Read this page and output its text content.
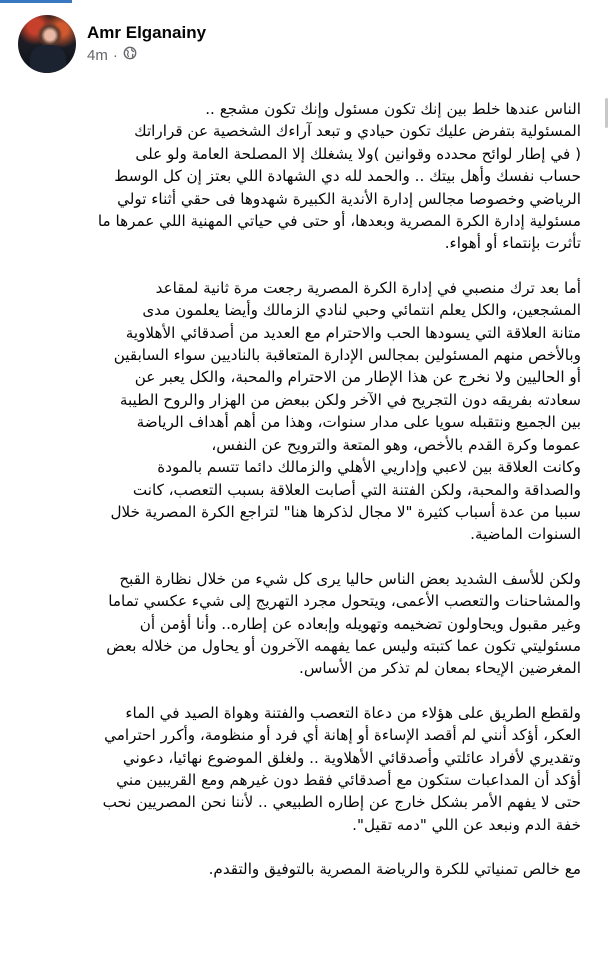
Amr Elganainy
4m ·
الناس عندها خلط بين إنك تكون مسئول وإنك تكون مشجع ..
المسئولية بتفرض عليك تكون حيادي و تبعد آراءك الشخصية عن قراراتك
( في إطار لوائح محدده وقوانين )ولا يشغلك إلا المصلحة العامة ولو على
حساب نفسك وأهل بيتك .. والحمد لله دي الشهادة اللي بعتز إن كل الوسط
الرياضي وخصوصا مجالس إدارة الأندية الكبيرة شهدوها فى حقي أثناء تولي
مسئولية إدارة الكرة المصرية وبعدها، أو حتى في حياتي المهنية اللي عمرها ما
تأثرت بإنتماء أو أهواء.
أما بعد ترك منصبي في إدارة الكرة المصرية رجعت مرة ثانية لمقاعد
المشجعين، والكل يعلم انتمائي وحبي لنادي الزمالك وأيضا يعلمون مدى
متانة العلاقة التي يسودها الحب والاحترام مع العديد من أصدقائي الأهلاوية
وبالأخص منهم المسئولين بمجالس الإدارة المتعاقبة بالناديين سواء السابقين
أو الحاليين ولا نخرج عن هذا الإطار من الاحترام والمحبة، والكل يعبر عن
سعادته بفريقه دون التجريح في الآخر ولكن ببعض من الهزار والروح الطيبة
بين الجميع ونتقبله سويا على مدار سنوات، وهذا من أهم أهداف الرياضة
عموما وكرة القدم بالأخص، وهو المتعة والترويح عن النفس،
وكانت العلاقة بين لاعبي وإداريي الأهلي والزمالك دائما تتسم بالمودة
والصداقة والمحبة، ولكن الفتنة التي أصابت العلاقة بسبب التعصب، كانت
سببا من عدة أسباب كثيرة "لا مجال لذكرها هنا" لتراجع الكرة المصرية خلال
السنوات الماضية.
ولكن للأسف الشديد بعض الناس حاليا يرى كل شيء من خلال نظارة القبح
والمشاحنات والتعصب الأعمى، ويتحول مجرد التهريج إلى شيء عكسي تماما
وغير مقبول ويحاولون تضخيمه وتهويله وإبعاده عن إطاره.. وأنا أؤمن أن
مسئوليتي تكون عما كتبته وليس عما يفهمه الآخرون أو يحاول من خلاله بعض
المغرضين الإيحاء بمعان لم تذكر من الأساس.
ولقطع الطريق على هؤلاء من دعاة التعصب والفتنة وهواة الصيد في الماء
العكر، أؤكد أنني لم أقصد الإساءة أو إهانة أي فرد أو منظومة، وأكرر احترامي
وتقديري لأفراد عائلتي وأصدقائي الأهلاوية .. ولغلق الموضوع نهائيا، دعوني
أؤكد أن المداعبات ستكون مع أصدقائي فقط دون غيرهم ومع القريبين مني
حتى لا يفهم الأمر بشكل خارج عن إطاره الطبيعي .. لأننا نحن المصريين نحب
خفة الدم ونبعد عن اللي "دمه تقيل".
مع خالص تمنياتي للكرة والرياضة المصرية بالتوفيق والتقدم.
